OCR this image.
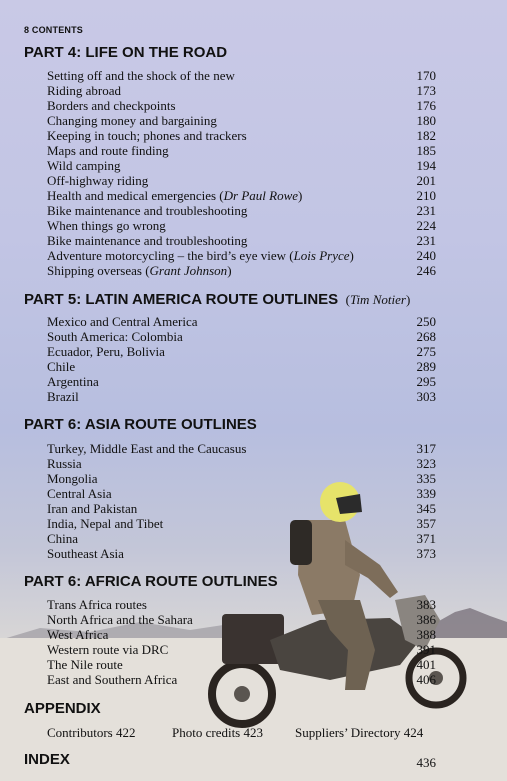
8 CONTENTS
PART 4: LIFE ON THE ROAD
Setting off and the shock of the new	170
Riding abroad	173
Borders and checkpoints	176
Changing money and bargaining	180
Keeping in touch; phones and trackers	182
Maps and route finding	185
Wild camping	194
Off-highway riding	201
Health and medical emergencies (Dr Paul Rowe)	210
Bike maintenance and troubleshooting	231
When things go wrong	224
Bike maintenance and troubleshooting	231
Adventure motorcycling – the bird’s eye view (Lois Pryce)	240
Shipping overseas (Grant Johnson)	246
PART 5: LATIN AMERICA ROUTE OUTLINES (Tim Notier)
Mexico and Central America	250
South America: Colombia	268
Ecuador, Peru, Bolivia	275
Chile	289
Argentina	295
Brazil	303
PART 6: ASIA ROUTE OUTLINES
Turkey, Middle East and the Caucasus	317
Russia	323
Mongolia	335
Central Asia	339
Iran and Pakistan	345
India, Nepal and Tibet	357
China	371
Southeast Asia	373
PART 6: AFRICA ROUTE OUTLINES
Trans Africa routes	383
North Africa and the Sahara	386
West Africa	388
Western route via DRC	391
The Nile route	401
East and Southern Africa	406
APPENDIX
Contributors 422	Photo credits 423 Suppliers’ Directory 424
INDEX	436
